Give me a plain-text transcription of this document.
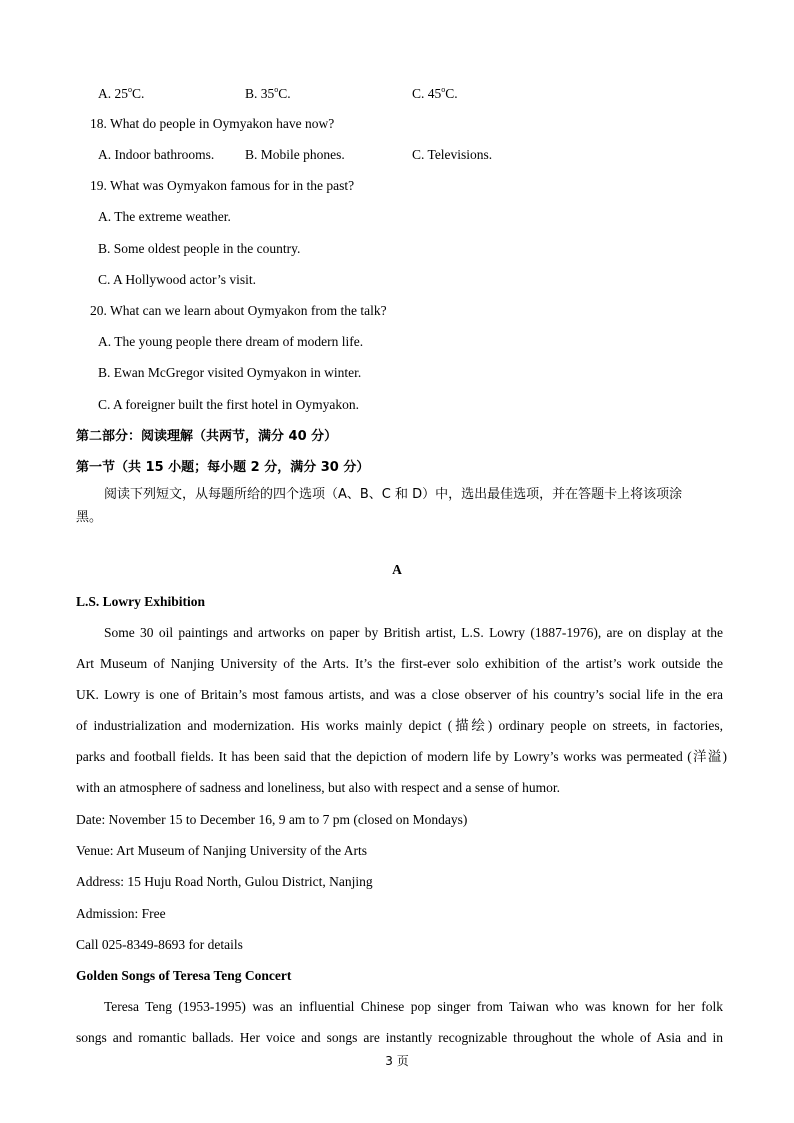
A. 25$^o$C.	B. 35$^o$C.	C. 45$^o$C.
18. What do people in Oymyakon have now?
A. Indoor bathrooms. B. Mobile phones.	C. Televisions.
19. What was Oymyakon famous for in the past?
A. The extreme weather.
B. Some oldest people in the country.
C. A Hollywood actor’s visit.
20. What can we learn about Oymyakon from the talk?
A. The young people there dream of modern life.
B. Ewan McGregor visited Oymyakon in winter.
C. A foreigner built the first hotel in Oymyakon.
第二部分：阅读理解（共两节，满分 40 分）
第一节（共 15 小题；每小题 2 分，满分 30 分）
阅读下列短文，从每题所给的四个选项（A、B、C 和 D）中，选出最佳选项，并在答题卡上将该项涂
黑。
A
L.S. Lowry Exhibition
Some 30 oil paintings and artworks on paper by British artist, L.S. Lowry (1887-1976), are on display at the
Art Museum of Nanjing University of the Arts. It’s the first-ever solo exhibition of the artist’s work outside the
UK. Lowry is one of Britain’s most famous artists, and was a close observer of his country’s social life in the era
of industrialization and modernization. His works mainly depict (描绘) ordinary people on streets, in factories,
parks and football fields. It has been said that the depiction of modern life by Lowry’s works was permeated (洋溢)
with an atmosphere of sadness and loneliness, but also with respect and a sense of humor.
Date: November 15 to December 16, 9 am to 7 pm (closed on Mondays)
Venue: Art Museum of Nanjing University of the Arts
Address: 15 Huju Road North, Gulou District, Nanjing
Admission: Free
Call 025-8349-8693 for details
Golden Songs of Teresa Teng Concert
Teresa Teng (1953-1995) was an influential Chinese pop singer from Taiwan who was known for her folk
songs and romantic ballads. Her voice and songs are instantly recognizable throughout the whole of Asia and in
3 页
